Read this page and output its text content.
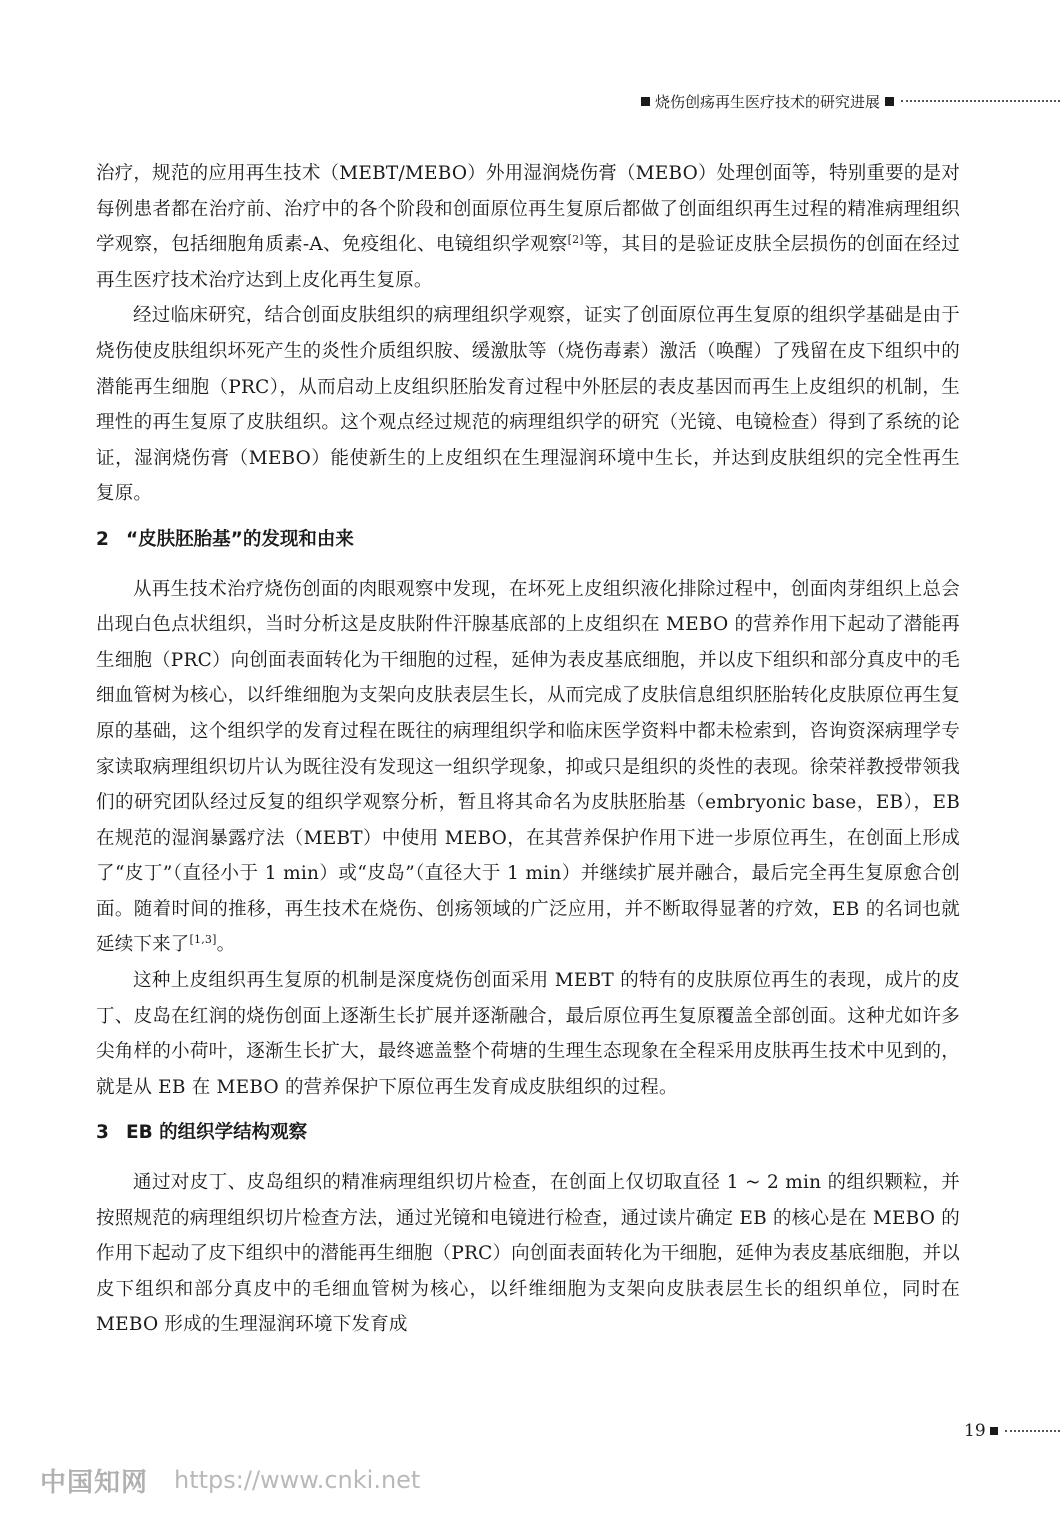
烧伤创疡再生医疗技术的研究进展

治疗，规范的应用再生技术（MEBT/MEBO）外用湿润烧伤膏（MEBO）处理创面等，特别重要的是对每例患者都在治疗前、治疗中的各个阶段和创面原位再生复原后都做了创面组织再生过程的精准病理组织学观察，包括细胞角质素-A、免疫组化、电镜组织学观察[2]等，其目的是验证皮肤全层损伤的创面在经过再生医疗技术治疗达到上皮化再生复原。

经过临床研究，结合创面皮肤组织的病理组织学观察，证实了创面原位再生复原的组织学基础是由于烧伤使皮肤组织坏死产生的炎性介质组织胺、缓激肽等（烧伤毒素）激活（唤醒）了残留在皮下组织中的潜能再生细胞（PRC），从而启动上皮组织胚胎发育过程中外胚层的表皮基因而再生上皮组织的机制，生理性的再生复原了皮肤组织。这个观点经过规范的病理组织学的研究（光镜、电镜检查）得到了系统的论证，湿润烧伤膏（MEBO）能使新生的上皮组织在生理湿润环境中生长，并达到皮肤组织的完全性再生复原。

2 “皮肤胚胎基”的发现和由来

从再生技术治疗烧伤创面的肉眼观察中发现，在坏死上皮组织液化排除过程中，创面肉芽组织上总会出现白色点状组织，当时分析这是皮肤附件汗腺基底部的上皮组织在 MEBO 的营养作用下起动了潜能再生细胞（PRC）向创面表面转化为干细胞的过程，延伸为表皮基底细胞，并以皮下组织和部分真皮中的毛细血管树为核心，以纤维细胞为支架向皮肤表层生长，从而完成了皮肤信息组织胚胎转化皮肤原位再生复原的基础，这个组织学的发育过程在既往的病理组织学和临床医学资料中都未检索到，咨询资深病理学专家读取病理组织切片认为既往没有发现这一组织学现象，抑或只是组织的炎性的表现。徐荣祥教授带领我们的研究团队经过反复的组织学观察分析，暂且将其命名为皮肤胚胎基（embryonic base，EB），EB 在规范的湿润暴露疗法（MEBT）中使用 MEBO，在其营养保护作用下进一步原位再生，在创面上形成了“皮丁”（直径小于 1 min）或“皮岛”（直径大于 1 min）并继续扩展并融合，最后完全再生复原愈合创面。随着时间的推移，再生技术在烧伤、创疡领域的广泛应用，并不断取得显著的疗效，EB 的名词也就延续下来了[1,3]。

这种上皮组织再生复原的机制是深度烧伤创面采用 MEBT 的特有的皮肤原位再生的表现，成片的皮丁、皮岛在红润的烧伤创面上逐渐生长扩展并逐渐融合，最后原位再生复原覆盖全部创面。这种尤如许多尖角样的小荷叶，逐渐生长扩大，最终遮盖整个荷塘的生理生态现象在全程采用皮肤再生技术中见到的，就是从 EB 在 MEBO 的营养保护下原位再生发育成皮肤组织的过程。

3 EB 的组织学结构观察

通过对皮丁、皮岛组织的精准病理组织切片检查，在创面上仅切取直径 1 ~ 2 min 的组织颗粒，并按照规范的病理组织切片检查方法，通过光镜和电镜进行检查，通过读片确定 EB 的核心是在 MEBO 的作用下起动了皮下组织中的潜能再生细胞（PRC）向创面表面转化为干细胞，延伸为表皮基底细胞，并以皮下组织和部分真皮中的毛细血管树为核心，以纤维细胞为支架向皮肤表层生长的组织单位，同时在 MEBO 形成的生理湿润环境下发育成

19
中国知网 https://www.cnki.net
